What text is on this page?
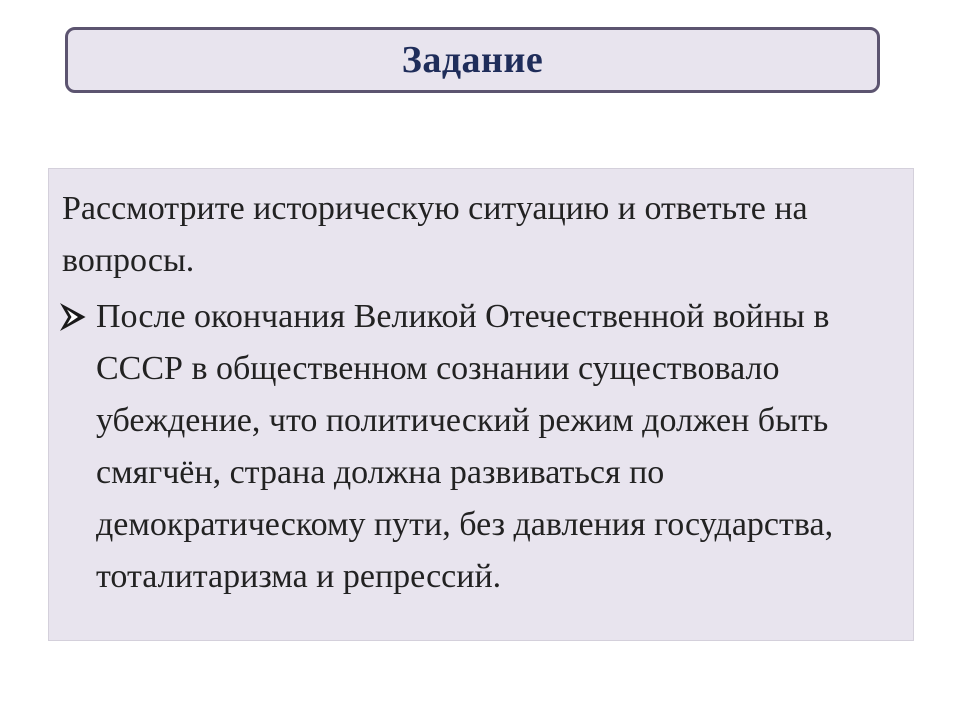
Задание

Рассмотрите историческую ситуацию и ответьте на вопросы.

После окончания Великой Отечественной войны в СССР в общественном сознании существовало убеждение, что политический режим должен быть смягчён, страна должна развиваться по демократическому пути, без давления государства, тоталитаризма и репрессий.
